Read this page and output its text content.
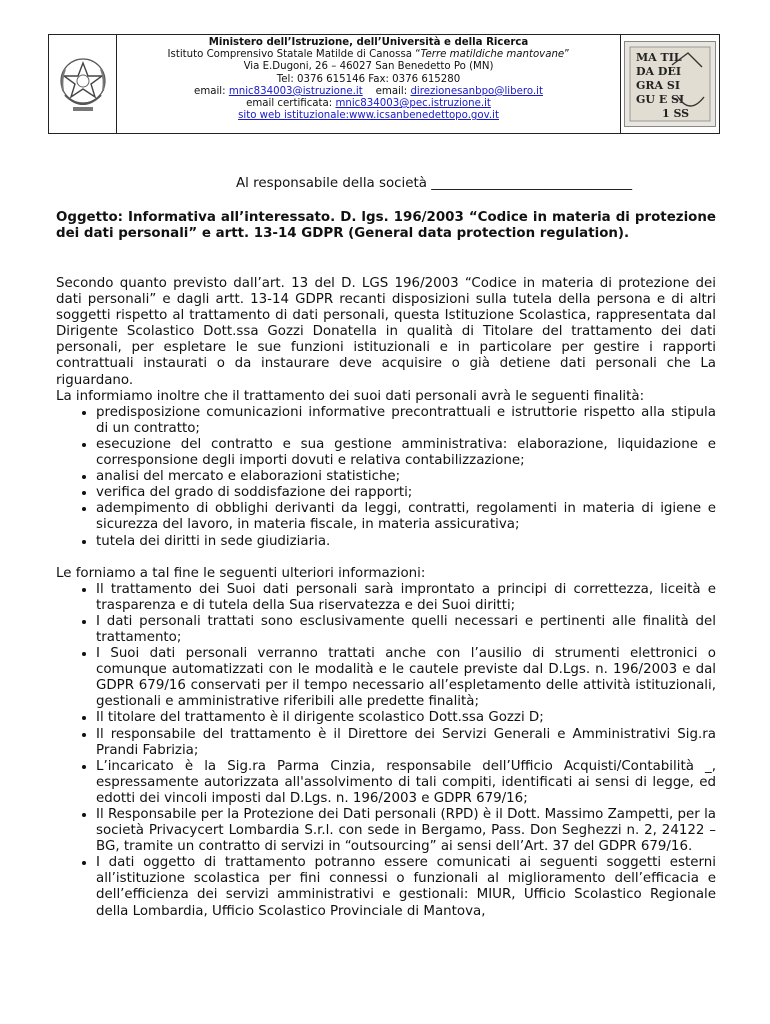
Ministero dell’Istruzione, dell’Università e della Ricerca
Istituto Comprensivo Statale Matilde di Canossa “Terre matildiche mantovane”
Via E.Dugoni, 26 – 46027 San Benedetto Po (MN)
Tel: 0376 615146 Fax: 0376 615280
email: mnic834003@istruzione.it    email: direzionesanbpo@libero.it
email certificata: mnic834003@pec.istruzione.it
sito web istituzionale:www.icsanbenedettopo.gov.it
MA TIL
DA DEI
GRA SI
GU E SI
1 SS
Al responsabile della società ______________________________
Oggetto: Informativa all’interessato. D. lgs. 196/2003 “Codice in materia di protezione dei dati personali” e artt. 13-14 GDPR (General data protection regulation).

Secondo quanto previsto dall’art. 13 del D. LGS 196/2003 “Codice in materia di protezione dei dati personali” e dagli artt. 13-14 GDPR recanti disposizioni sulla tutela della persona e di altri soggetti rispetto al trattamento di dati personali, questa Istituzione Scolastica, rappresentata dal Dirigente Scolastico Dott.ssa Gozzi Donatella in qualità di Titolare del trattamento dei dati personali, per espletare le sue funzioni istituzionali e in particolare per gestire i rapporti contrattuali instaurati o da instaurare deve acquisire o già detiene dati personali che La riguardano.

La informiamo inoltre che il trattamento dei suoi dati personali avrà le seguenti finalità:

• predisposizione comunicazioni informative precontrattuali e istruttorie rispetto alla stipula di un contratto;
• esecuzione del contratto e sua gestione amministrativa: elaborazione, liquidazione e corresponsione degli importi dovuti e relativa contabilizzazione;
• analisi del mercato e elaborazioni statistiche;
• verifica del grado di soddisfazione dei rapporti;
• adempimento di obblighi derivanti da leggi, contratti, regolamenti in materia di igiene e sicurezza del lavoro, in materia fiscale, in materia assicurativa;
• tutela dei diritti in sede giudiziaria.

Le forniamo a tal fine le seguenti ulteriori informazioni:

• Il trattamento dei Suoi dati personali sarà improntato a principi di correttezza, liceità e trasparenza e di tutela della Sua riservatezza e dei Suoi diritti;
• I dati personali trattati sono esclusivamente quelli necessari e pertinenti alle finalità del trattamento;
• I Suoi dati personali verranno trattati anche con l’ausilio di strumenti elettronici o comunque automatizzati con le modalità e le cautele previste dal D.Lgs. n. 196/2003 e dal GDPR 679/16 conservati per il tempo necessario all’espletamento delle attività istituzionali, gestionali e amministrative riferibili alle predette finalità;
• Il titolare del trattamento è il dirigente scolastico Dott.ssa Gozzi D;
• Il responsabile del trattamento è il Direttore dei Servizi Generali e Amministrativi Sig.ra Prandi Fabrizia;
• L’incaricato è la Sig.ra Parma Cinzia, responsabile dell’Ufficio Acquisti/Contabilità _, espressamente autorizzata all'assolvimento di tali compiti, identificati ai sensi di legge, ed edotti dei vincoli imposti dal D.Lgs. n. 196/2003 e GDPR 679/16;
• Il Responsabile per la Protezione dei Dati personali (RPD) è il Dott. Massimo Zampetti, per la società Privacycert Lombardia S.r.l. con sede in Bergamo, Pass. Don Seghezzi n. 2, 24122 – BG, tramite un contratto di servizi in “outsourcing” ai sensi dell’Art. 37 del GDPR 679/16.
• I dati oggetto di trattamento potranno essere comunicati ai seguenti soggetti esterni all’istituzione scolastica per fini connessi o funzionali al miglioramento dell’efficacia e dell’efficienza dei servizi amministrativi e gestionali: MIUR, Ufficio Scolastico Regionale della Lombardia, Ufficio Scolastico Provinciale di Mantova,
